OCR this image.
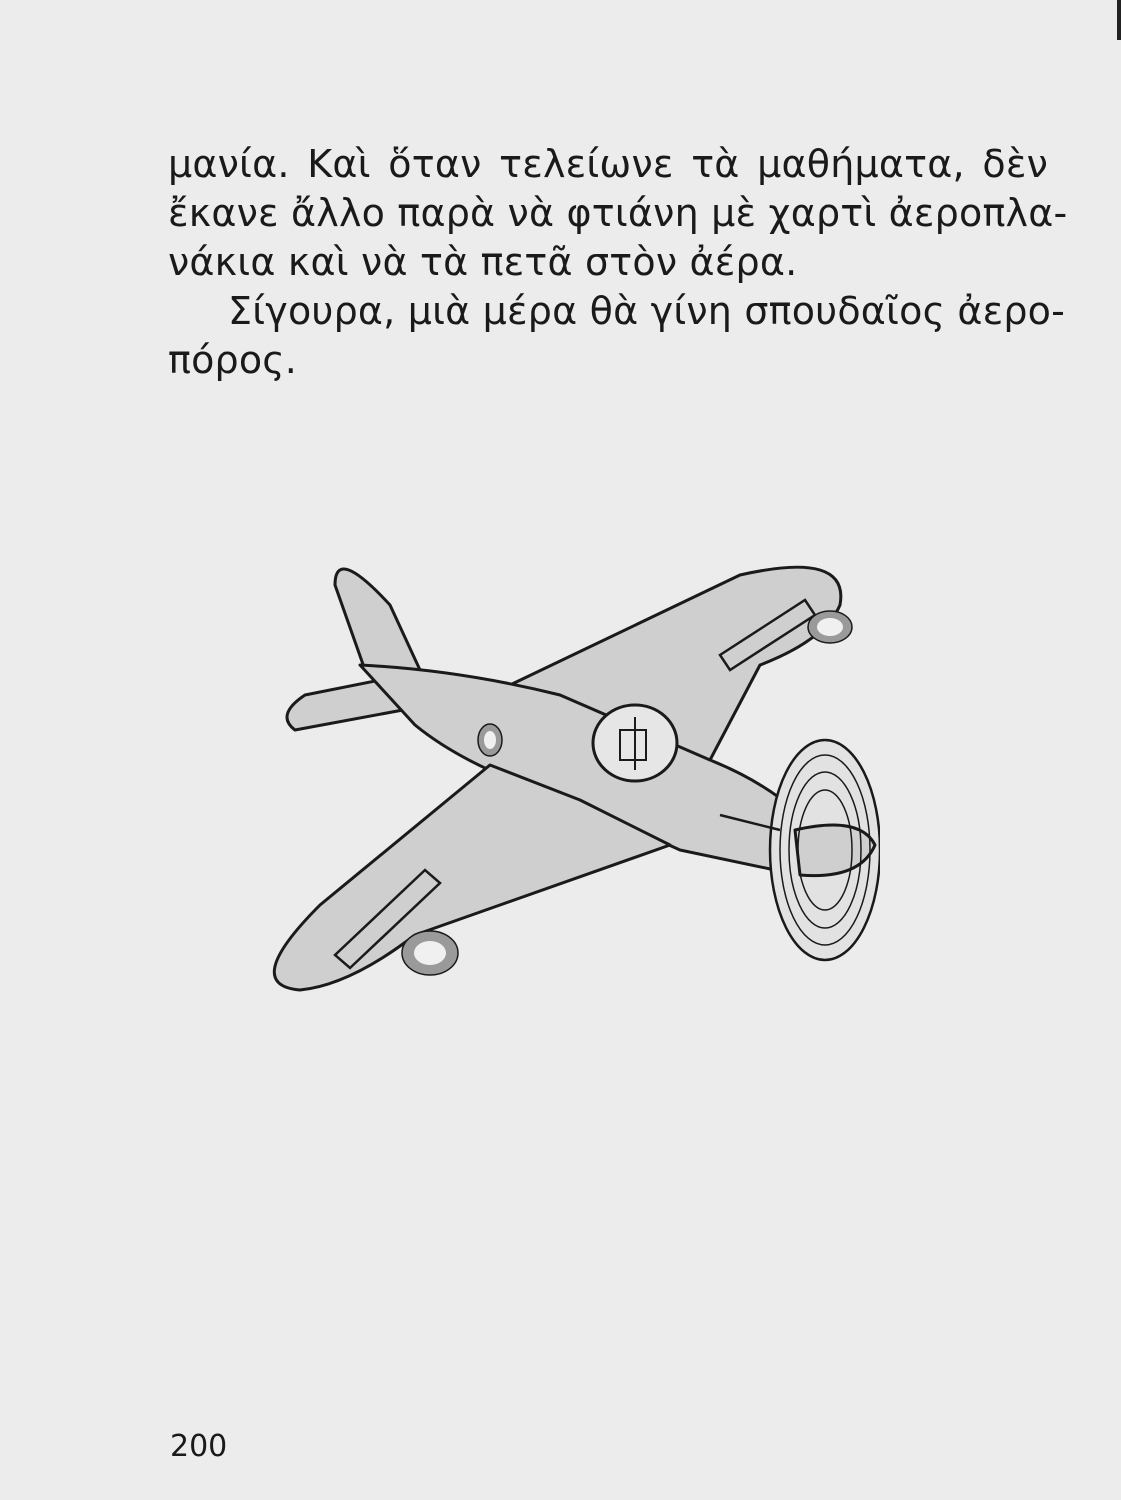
μανία. Καὶ ὅταν τελείωνε τὰ μαθήματα, δὲν
ἔκανε ἄλλο παρὰ νὰ φτιάνη μὲ χαρτὶ ἀεροπλα-
νάκια καὶ νὰ τὰ πετᾶ στὸν ἀέρα.
Σίγουρα, μιὰ μέρα θὰ γίνη σπουδαῖος ἀερο-
πόρος.
200
